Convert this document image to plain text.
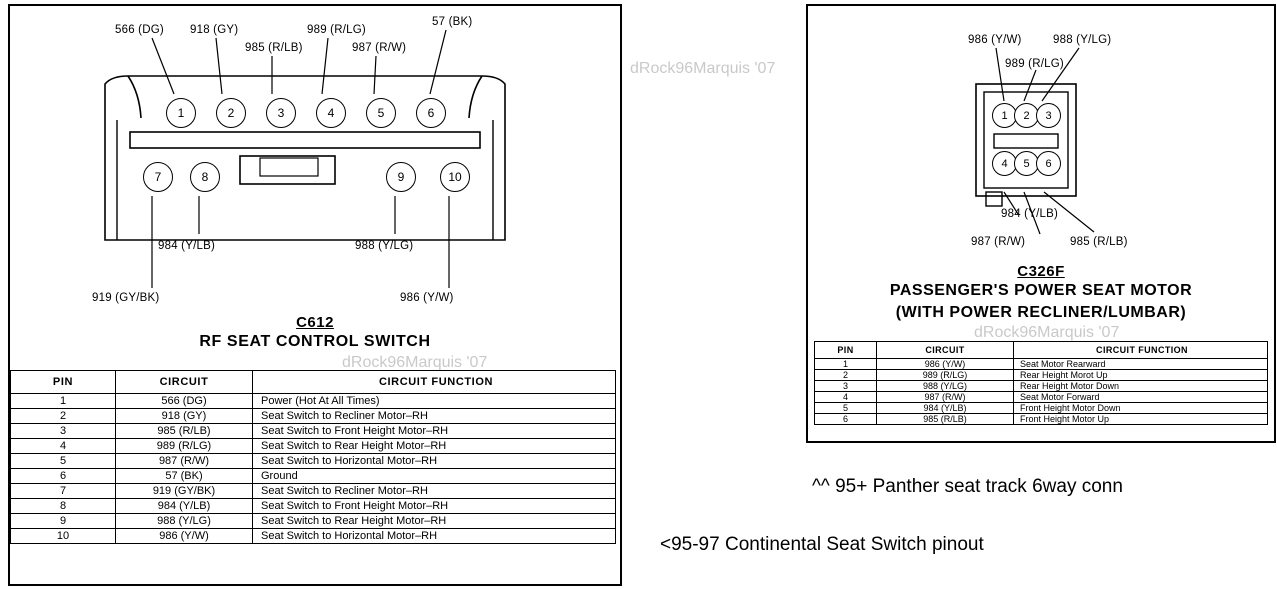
566 (DG) 918 (GY)
985 (R/LB)
989 (R/LG)
987 (R/W)
57 (BK)
1	2	3	4	5	6
7	8	9	10
984 (Y/LB)	988 (Y/LG)
919 (GY/BK)	986 (Y/W)
C612
RF SEAT CONTROL SWITCH
dRock96Marquis '07
PIN	CIRCUIT	CIRCUIT FUNCTION
1	566 (DG)	Power (Hot At All Times)
2	918 (GY)	Seat Switch to Recliner Motor–RH
3	985 (R/LB)	Seat Switch to Front Height Motor–RH
4	989 (R/LG)	Seat Switch to Rear Height Motor–RH
5	987 (R/W)	Seat Switch to Horizontal Motor–RH
6	57 (BK)	Ground
7	919 (GY/BK)	Seat Switch to Recliner Motor–RH
8	984 (Y/LB)	Seat Switch to Front Height Motor–RH
9	988 (Y/LG)	Seat Switch to Rear Height Motor–RH
10	986 (Y/W)	Seat Switch to Horizontal Motor–RH
dRock96Marquis '07
986 (Y/W)	988 (Y/LG)
989 (R/LG)
1	2	3
4	5	6
984 (Y/LB)
987 (R/W)	985 (R/LB)
C326F
PASSENGER'S POWER SEAT MOTOR
(WITH POWER RECLINER/LUMBAR)
dRock96Marquis '07
PIN	CIRCUIT	CIRCUIT FUNCTION
1	986 (Y/W)	Seat Motor Rearward
2	989 (R/LG)	Rear Height Morot Up
3	988 (Y/LG)	Rear Height Motor Down
4	987 (R/W)	Seat Motor Forward
5	984 (Y/LB)	Front Height Motor Down
6	985 (R/LB)	Front Height Motor Up
^^ 95+ Panther seat track 6way conn
<95-97 Continental Seat Switch pinout
